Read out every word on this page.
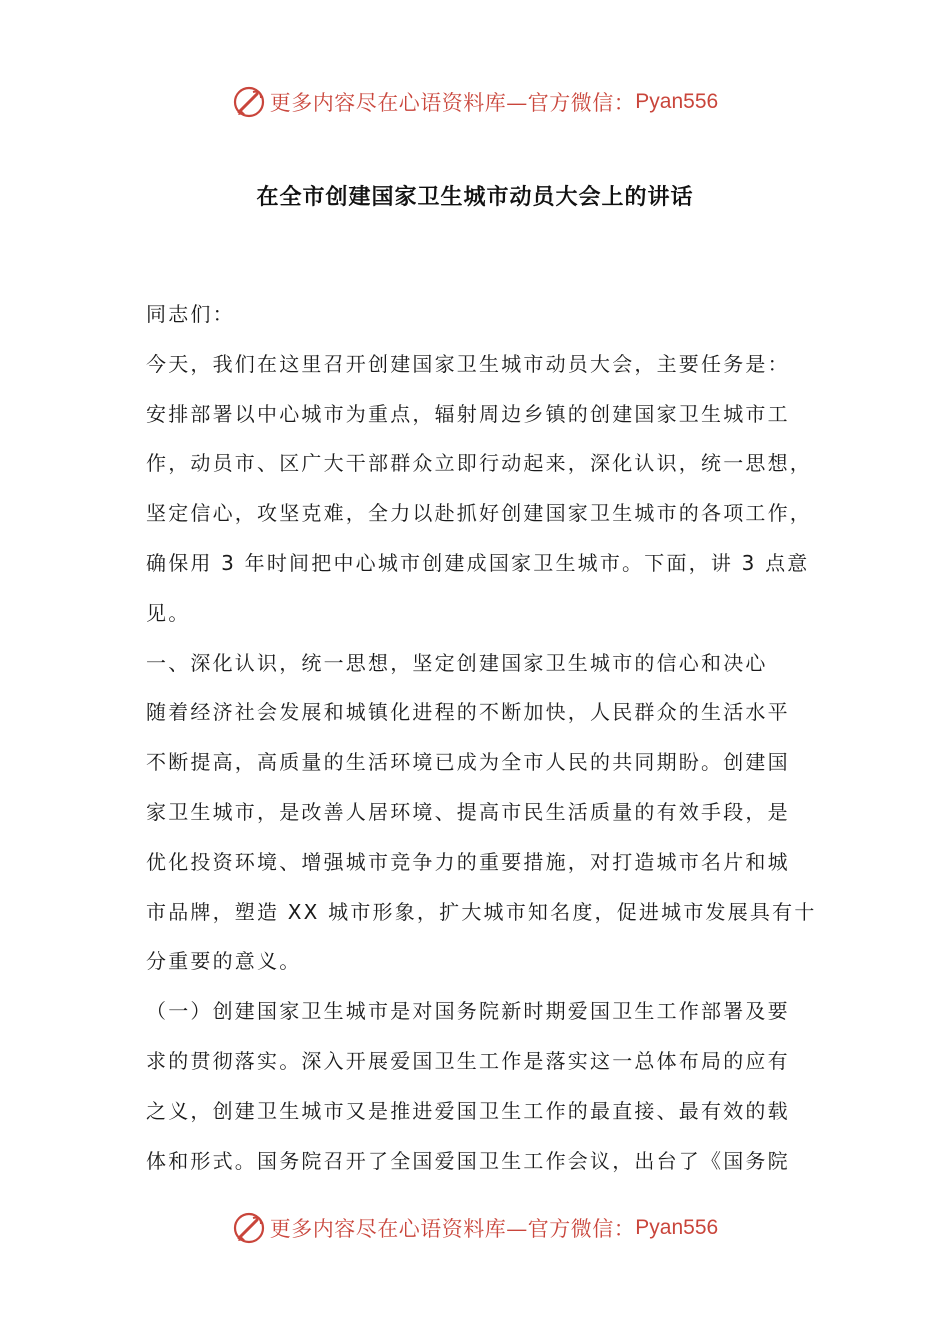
更多内容尽在心语资料库—官方微信： Pyan556
在全市创建国家卫生城市动员大会上的讲话
同志们：
今天，我们在这里召开创建国家卫生城市动员大会，主要任务是：
安排部署以中心城市为重点，辐射周边乡镇的创建国家卫生城市工
作，动员市、区广大干部群众立即行动起来，深化认识，统一思想，
坚定信心，攻坚克难，全力以赴抓好创建国家卫生城市的各项工作，
确保用 3 年时间把中心城市创建成国家卫生城市。下面，讲 3 点意
见。
一、深化认识，统一思想，坚定创建国家卫生城市的信心和决心
随着经济社会发展和城镇化进程的不断加快，人民群众的生活水平
不断提高，高质量的生活环境已成为全市人民的共同期盼。创建国
家卫生城市，是改善人居环境、提高市民生活质量的有效手段，是
优化投资环境、增强城市竞争力的重要措施，对打造城市名片和城
市品牌，塑造 XX 城市形象，扩大城市知名度，促进城市发展具有十
分重要的意义。
（一）创建国家卫生城市是对国务院新时期爱国卫生工作部署及要
求的贯彻落实。深入开展爱国卫生工作是落实这一总体布局的应有
之义，创建卫生城市又是推进爱国卫生工作的最直接、最有效的载
体和形式。国务院召开了全国爱国卫生工作会议，出台了《国务院
更多内容尽在心语资料库—官方微信： Pyan556
